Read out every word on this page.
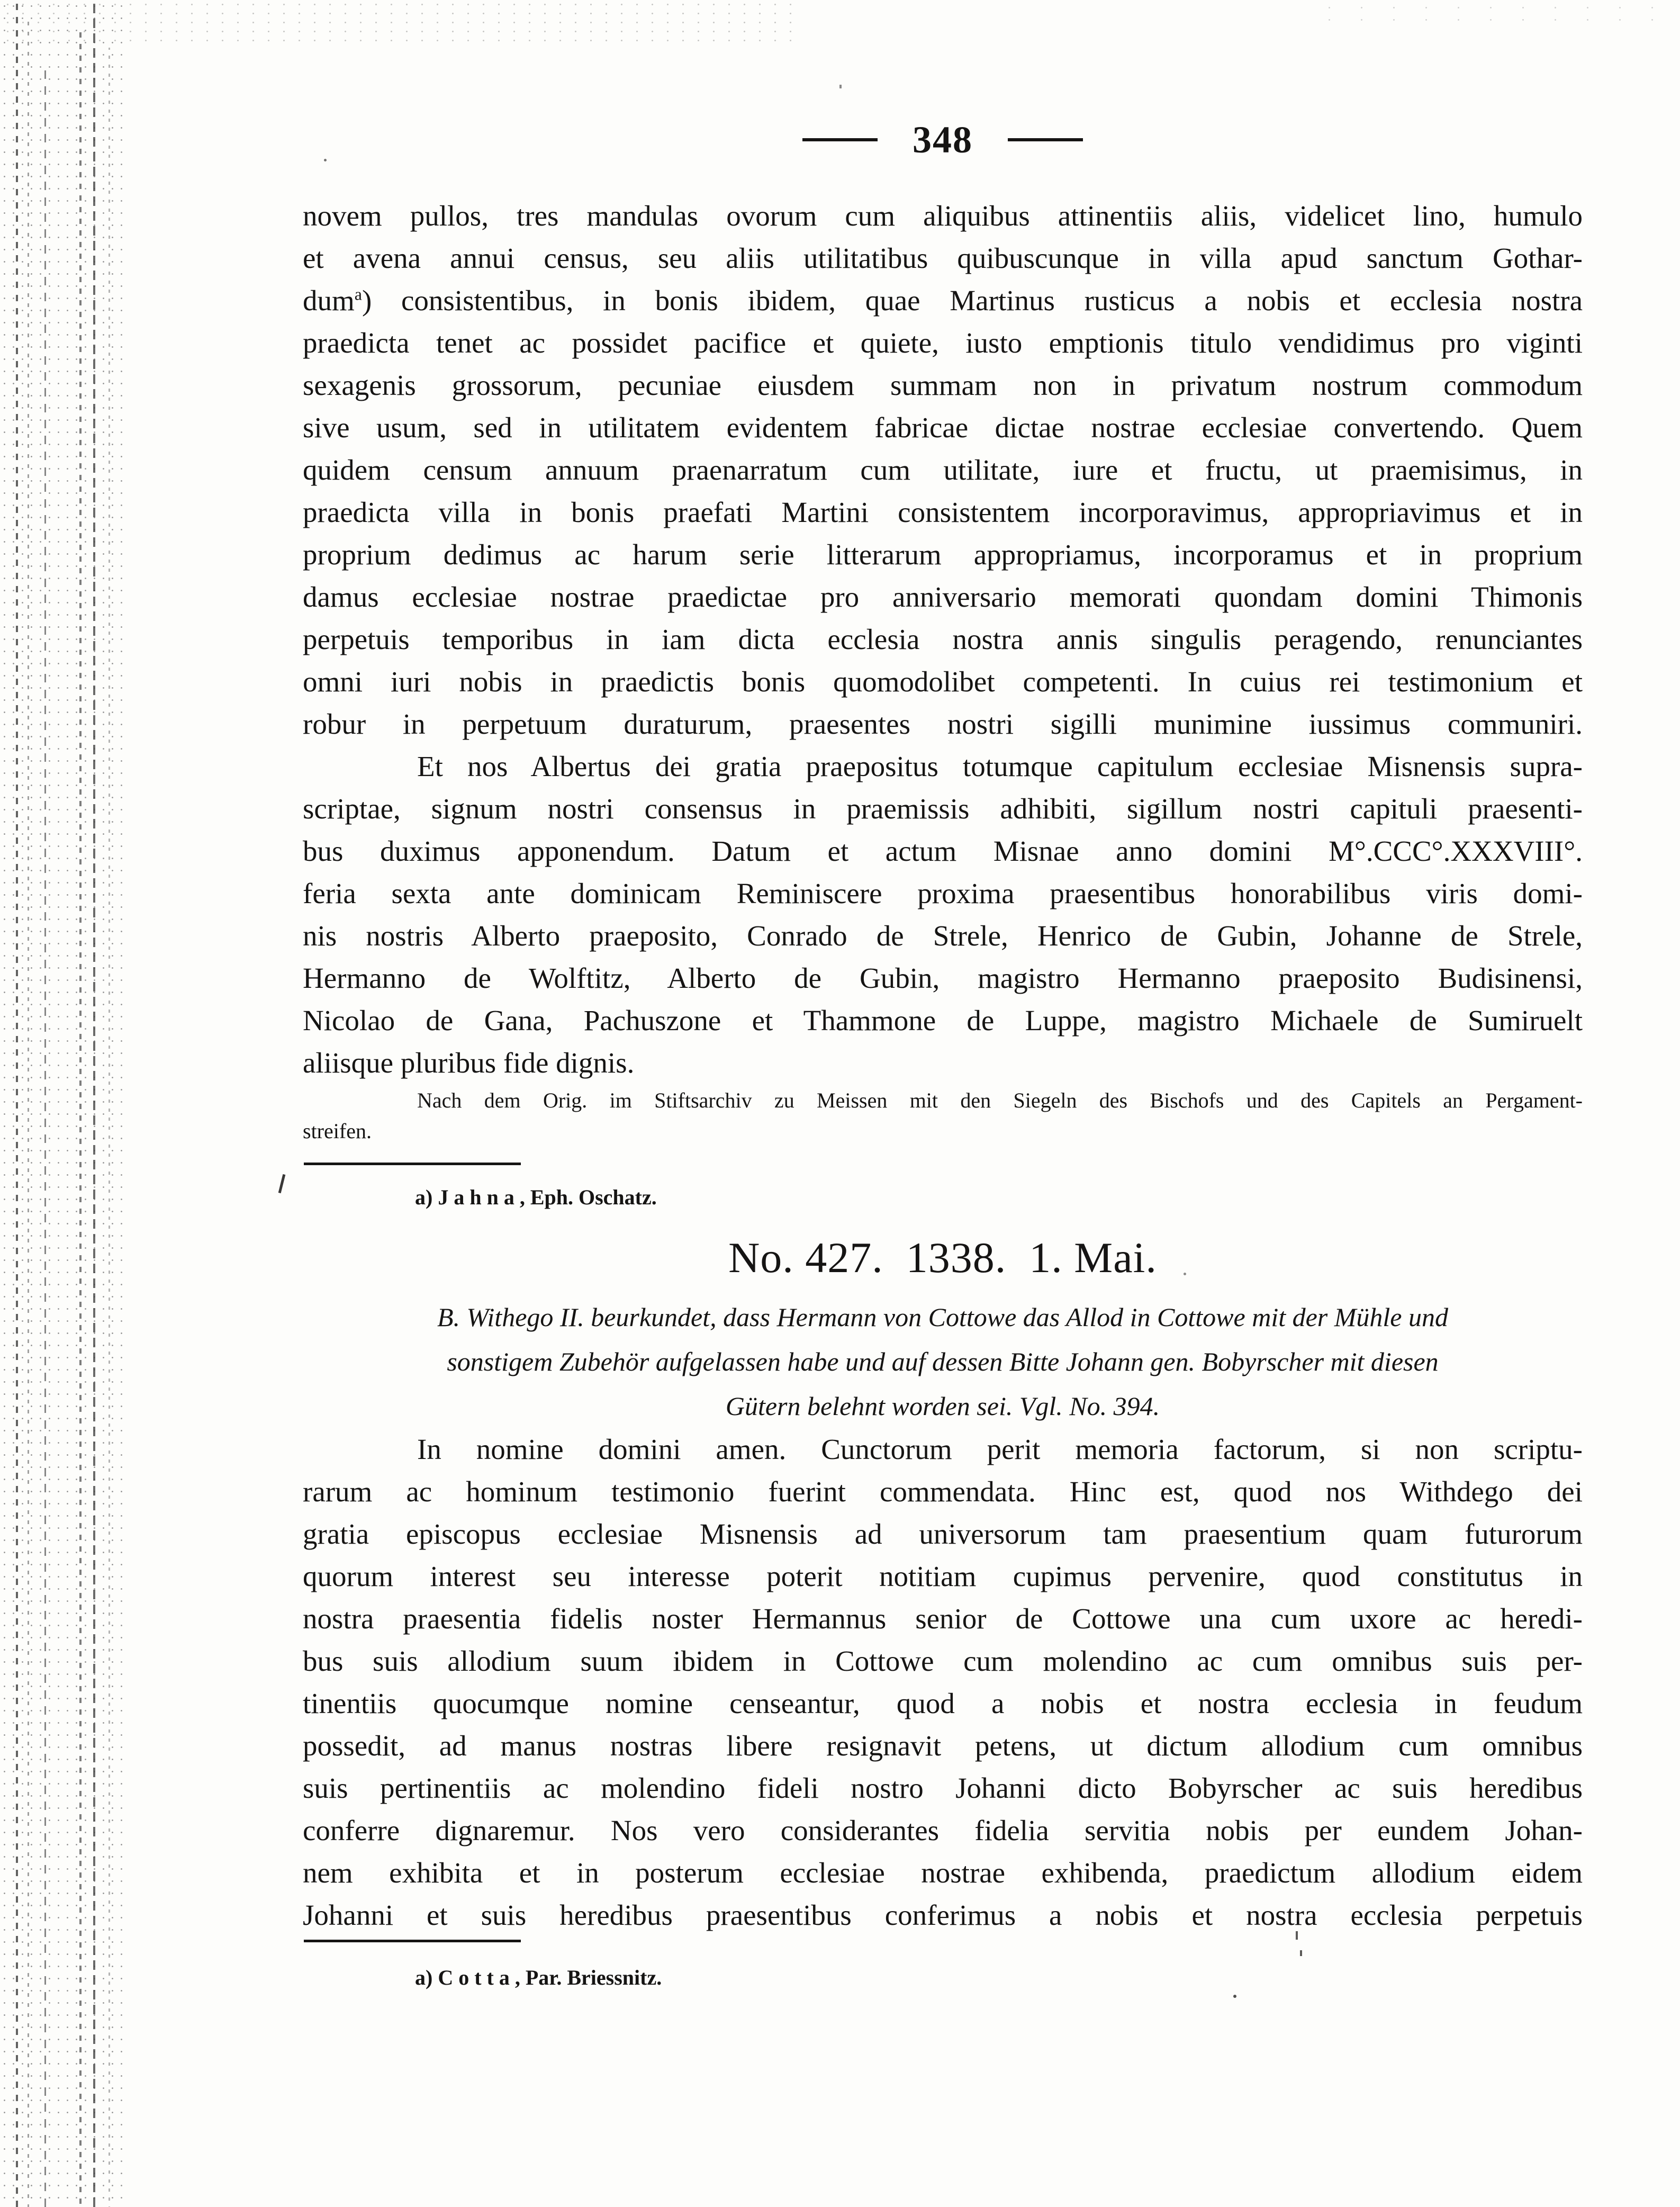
348
novem pullos, tres mandulas ovorum cum aliquibus attinentiis aliis, videlicet lino, humulo
et avena annui census, seu aliis utilitatibus quibuscunque in villa apud sanctum Gothar-
dum$^a$) consistentibus, in bonis ibidem, quae Martinus rusticus a nobis et ecclesia nostra
praedicta tenet ac possidet pacifice et quiete, iusto emptionis titulo vendidimus pro viginti
sexagenis grossorum, pecuniae eiusdem summam non in privatum nostrum commodum
sive usum, sed in utilitatem evidentem fabricae dictae nostrae ecclesiae convertendo. Quem
quidem censum annuum praenarratum cum utilitate, iure et fructu, ut praemisimus, in
praedicta villa in bonis praefati Martini consistentem incorporavimus, appropriavimus et in
proprium dedimus ac harum serie litterarum appropriamus, incorporamus et in proprium
damus ecclesiae nostrae praedictae pro anniversario memorati quondam domini Thimonis
perpetuis temporibus in iam dicta ecclesia nostra annis singulis peragendo, renunciantes
omni iuri nobis in praedictis bonis quomodolibet competenti. In cuius rei testimonium et
robur in perpetuum duraturum, praesentes nostri sigilli munimine iussimus communiri.
Et nos Albertus dei gratia praepositus totumque capitulum ecclesiae Misnensis supra-
scriptae, signum nostri consensus in praemissis adhibiti, sigillum nostri capituli praesenti-
bus duximus apponendum. Datum et actum Misnae anno domini M°.CCC°.XXXVIII°.
feria sexta ante dominicam Reminiscere proxima praesentibus honorabilibus viris domi-
nis nostris Alberto praeposito, Conrado de Strele, Henrico de Gubin, Johanne de Strele,
Hermanno de Wolftitz, Alberto de Gubin, magistro Hermanno praeposito Budisinensi,
Nicolao de Gana, Pachuszone et Thammone de Luppe, magistro Michaele de Sumiruelt
aliisque pluribus fide dignis.
Nach dem Orig. im Stiftsarchiv zu Meissen mit den Siegeln des Bischofs und des Capitels an Pergament-
streifen.
a) Jahna, Eph. Oschatz.
No. 427.  1338.  1. Mai.
B. Withego II. beurkundet, dass Hermann von Cottowe das Allod in Cottowe mit der Mühle und
sonstigem Zubehör aufgelassen habe und auf dessen Bitte Johann gen. Bobyrscher mit diesen
Gütern belehnt worden sei. Vgl. No. 394.
In nomine domini amen. Cunctorum perit memoria factorum, si non scriptu-
rarum ac hominum testimonio fuerint commendata. Hinc est, quod nos Withdego dei
gratia episcopus ecclesiae Misnensis ad universorum tam praesentium quam futurorum
quorum interest seu interesse poterit notitiam cupimus pervenire, quod constitutus in
nostra praesentia fidelis noster Hermannus senior de Cottowe una cum uxore ac heredi-
bus suis allodium suum ibidem in Cottowe cum molendino ac cum omnibus suis per-
tinentiis quocumque nomine censeantur, quod a nobis et nostra ecclesia in feudum
possedit, ad manus nostras libere resignavit petens, ut dictum allodium cum omnibus
suis pertinentiis ac molendino fideli nostro Johanni dicto Bobyrscher ac suis heredibus
conferre dignaremur. Nos vero considerantes fidelia servitia nobis per eundem Johan-
nem exhibita et in posterum ecclesiae nostrae exhibenda, praedictum allodium eidem
Johanni et suis heredibus praesentibus conferimus a nobis et nostra ecclesia perpetuis
a) Cotta, Par. Briessnitz.
